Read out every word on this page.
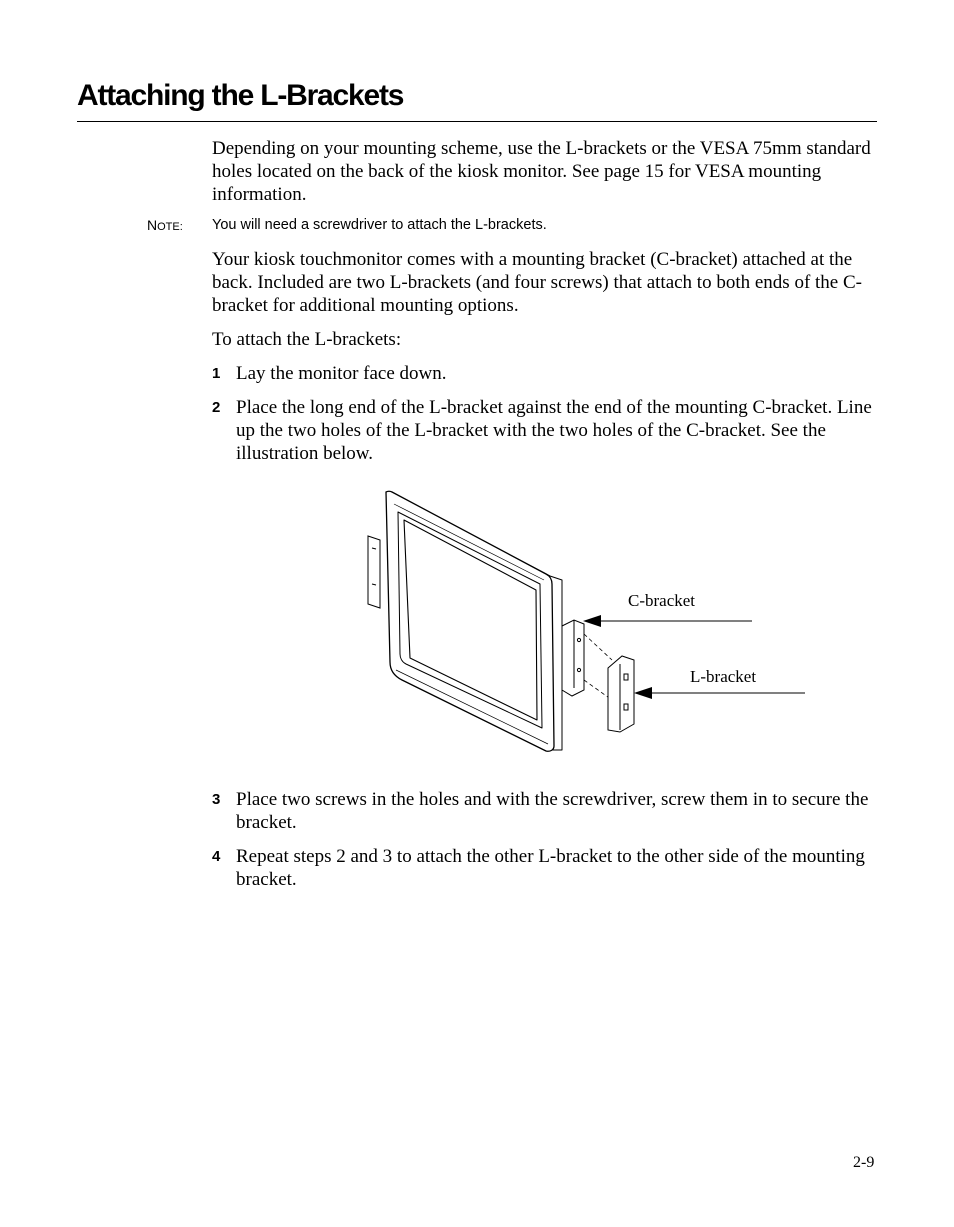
Attaching the L-Brackets

Depending on your mounting scheme, use the L-brackets or the VESA 75mm standard holes located on the back of the kiosk monitor. See page 15 for VESA mounting information.

NOTE: You will need a screwdriver to attach the L-brackets.

Your kiosk touchmonitor comes with a mounting bracket (C-bracket) attached at the back. Included are two L-brackets (and four screws) that attach to both ends of the C-bracket for additional mounting options.

To attach the L-brackets:

1 Lay the monitor face down.
2 Place the long end of the L-bracket against the end of the mounting C-bracket. Line up the two holes of the L-bracket with the two holes of the C-bracket. See the illustration below.
C-bracket
L-bracket
3 Place two screws in the holes and with the screwdriver, screw them in to secure the bracket.
4 Repeat steps 2 and 3 to attach the other L-bracket to the other side of the mounting bracket.
2-9
